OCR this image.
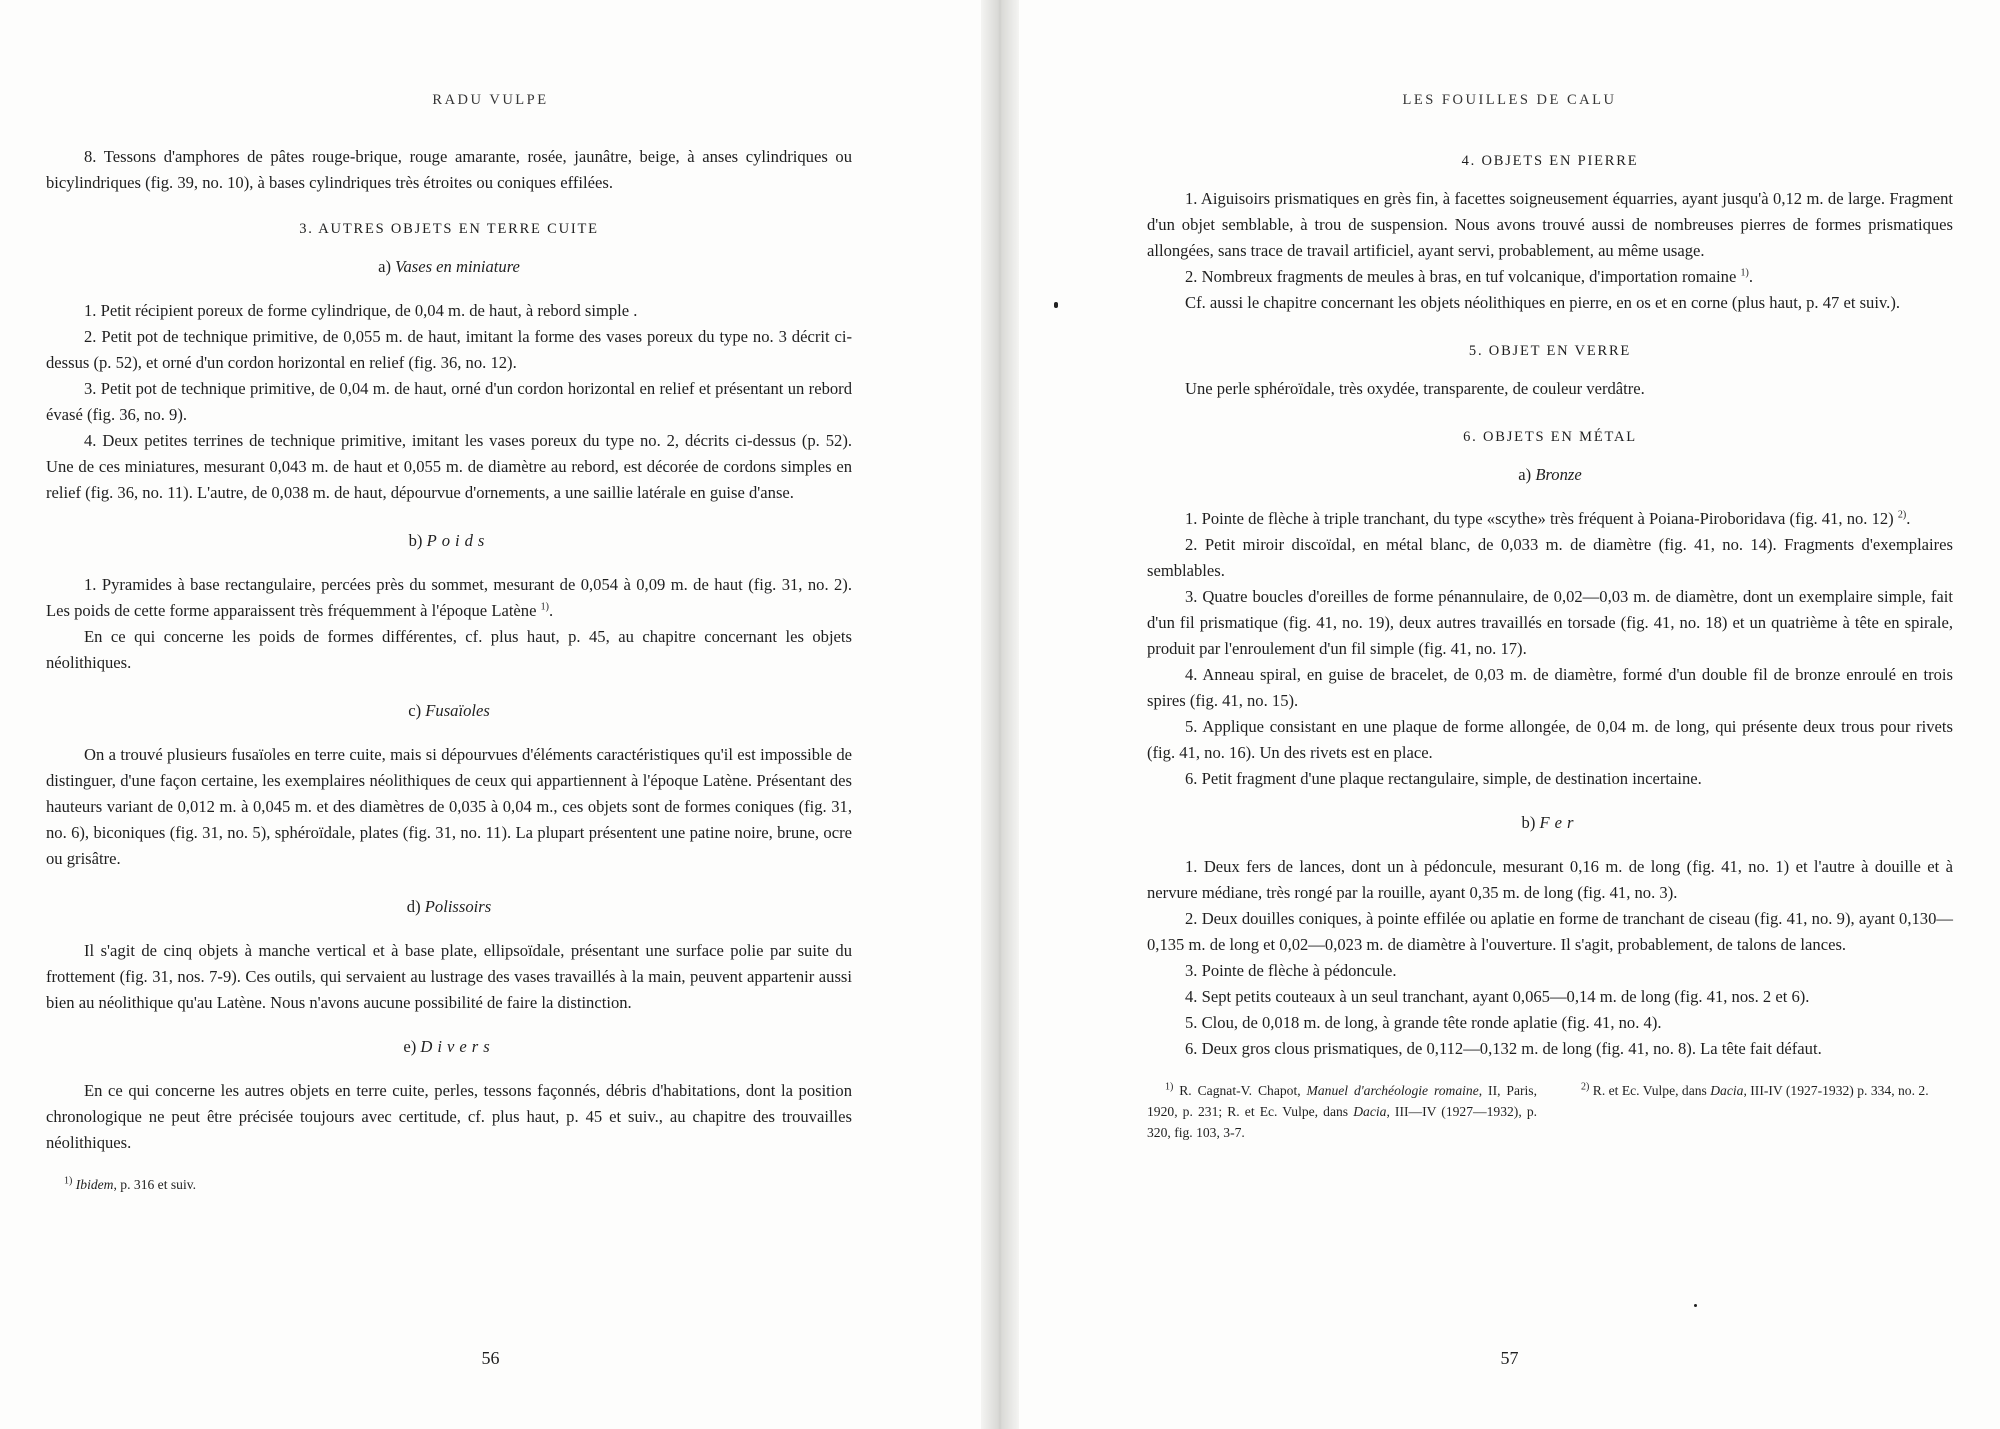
RADU VULPE

8. Tessons d'amphores de pâtes rouge-brique, rouge amarante, rosée, jaunâtre, beige, à anses cylindriques ou bicylindriques (fig. 39, no. 10), à bases cylindriques très étroites ou coniques effilées.

3. AUTRES OBJETS EN TERRE CUITE
a) Vases en miniature

1. Petit récipient poreux de forme cylindrique, de 0,04 m. de haut, à rebord simple .

2. Petit pot de technique primitive, de 0,055 m. de haut, imitant la forme des vases poreux du type no. 3 décrit ci-dessus (p. 52), et orné d'un cordon horizontal en relief (fig. 36, no. 12).

3. Petit pot de technique primitive, de 0,04 m. de haut, orné d'un cordon horizontal en relief et présentant un rebord évasé (fig. 36, no. 9).

4. Deux petites terrines de technique primitive, imitant les vases poreux du type no. 2, décrits ci-dessus (p. 52). Une de ces miniatures, mesurant 0,043 m. de haut et 0,055 m. de diamètre au rebord, est décorée de cordons simples en relief (fig. 36, no. 11). L'autre, de 0,038 m. de haut, dépourvue d'ornements, a une saillie latérale en guise d'anse.

b) Poids

1. Pyramides à base rectangulaire, percées près du sommet, mesurant de 0,054 à 0,09 m. de haut (fig. 31, no. 2). Les poids de cette forme apparaissent très fréquemment à l'époque Latène $^{1)}$.

En ce qui concerne les poids de formes différentes, cf. plus haut, p. 45, au chapitre concernant les objets néolithiques.

c) Fusaïoles

On a trouvé plusieurs fusaïoles en terre cuite, mais si dépourvues d'éléments caractéristiques qu'il est impossible de distinguer, d'une façon certaine, les exemplaires néolithiques de ceux qui appartiennent à l'époque Latène. Présentant des hauteurs variant de 0,012 m. à 0,045 m. et des diamètres de 0,035 à 0,04 m., ces objets sont de formes coniques (fig. 31, no. 6), biconiques (fig. 31, no. 5), sphéroïdale, plates (fig. 31, no. 11). La plupart présentent une patine noire, brune, ocre ou grisâtre.

d) Polissoirs

Il s'agit de cinq objets à manche vertical et à base plate, ellipsoïdale, présentant une surface polie par suite du frottement (fig. 31, nos. 7-9). Ces outils, qui servaient au lustrage des vases travaillés à la main, peuvent appartenir aussi bien au néolithique qu'au Latène. Nous n'avons aucune possibilité de faire la distinction.

e) Divers

En ce qui concerne les autres objets en terre cuite, perles, tessons façonnés, débris d'habitations, dont la position chronologique ne peut être précisée toujours avec certitude, cf. plus haut, p. 45 et suiv., au chapitre des trouvailles néolithiques.

$^{1)}$ Ibidem, p. 316 et suiv.

56
LES FOUILLES DE CALU
4. OBJETS EN PIERRE

1. Aiguisoirs prismatiques en grès fin, à facettes soigneusement équarries, ayant jusqu'à 0,12 m. de large. Fragment d'un objet semblable, à trou de suspension. Nous avons trouvé aussi de nombreuses pierres de formes prismatiques allongées, sans trace de travail artificiel, ayant servi, probablement, au même usage.

2. Nombreux fragments de meules à bras, en tuf volcanique, d'importation romaine $^{1)}$.

Cf. aussi le chapitre concernant les objets néolithiques en pierre, en os et en corne (plus haut, p. 47 et suiv.).

5. OBJET EN VERRE

Une perle sphéroïdale, très oxydée, transparente, de couleur verdâtre.

6. OBJETS EN MÉTAL
a) Bronze

1. Pointe de flèche à triple tranchant, du type «scythe» très fréquent à Poiana-Piroboridava (fig. 41, no. 12) $^{2)}$.

2. Petit miroir discoïdal, en métal blanc, de 0,033 m. de diamètre (fig. 41, no. 14). Fragments d'exemplaires semblables.

3. Quatre boucles d'oreilles de forme pénannulaire, de 0,02—0,03 m. de diamètre, dont un exemplaire simple, fait d'un fil prismatique (fig. 41, no. 19), deux autres travaillés en torsade (fig. 41, no. 18) et un quatrième à tête en spirale, produit par l'enroulement d'un fil simple (fig. 41, no. 17).

4. Anneau spiral, en guise de bracelet, de 0,03 m. de diamètre, formé d'un double fil de bronze enroulé en trois spires (fig. 41, no. 15).

5. Applique consistant en une plaque de forme allongée, de 0,04 m. de long, qui présente deux trous pour rivets (fig. 41, no. 16). Un des rivets est en place.

6. Petit fragment d'une plaque rectangulaire, simple, de destination incertaine.

b) Fer

1. Deux fers de lances, dont un à pédoncule, mesurant 0,16 m. de long (fig. 41, no. 1) et l'autre à douille et à nervure médiane, très rongé par la rouille, ayant 0,35 m. de long (fig. 41, no. 3).

2. Deux douilles coniques, à pointe effilée ou aplatie en forme de tranchant de ciseau (fig. 41, no. 9), ayant 0,130—0,135 m. de long et 0,02—0,023 m. de diamètre à l'ouverture. Il s'agit, probablement, de talons de lances.

3. Pointe de flèche à pédoncule.

4. Sept petits couteaux à un seul tranchant, ayant 0,065—0,14 m. de long (fig. 41, nos. 2 et 6).

5. Clou, de 0,018 m. de long, à grande tête ronde aplatie (fig. 41, no. 4).

6. Deux gros clous prismatiques, de 0,112—0,132 m. de long (fig. 41, no. 8). La tête fait défaut.

$^{1)}$ R. Cagnat-V. Chapot, Manuel d'archéologie romaine, II, Paris, 1920, p. 231; R. et Ec. Vulpe, dans Dacia, III—IV (1927—1932), p. 320, fig. 103, 3-7.

$^{2)}$ R. et Ec. Vulpe, dans Dacia, III-IV (1927-1932) p. 334, no. 2.

57
